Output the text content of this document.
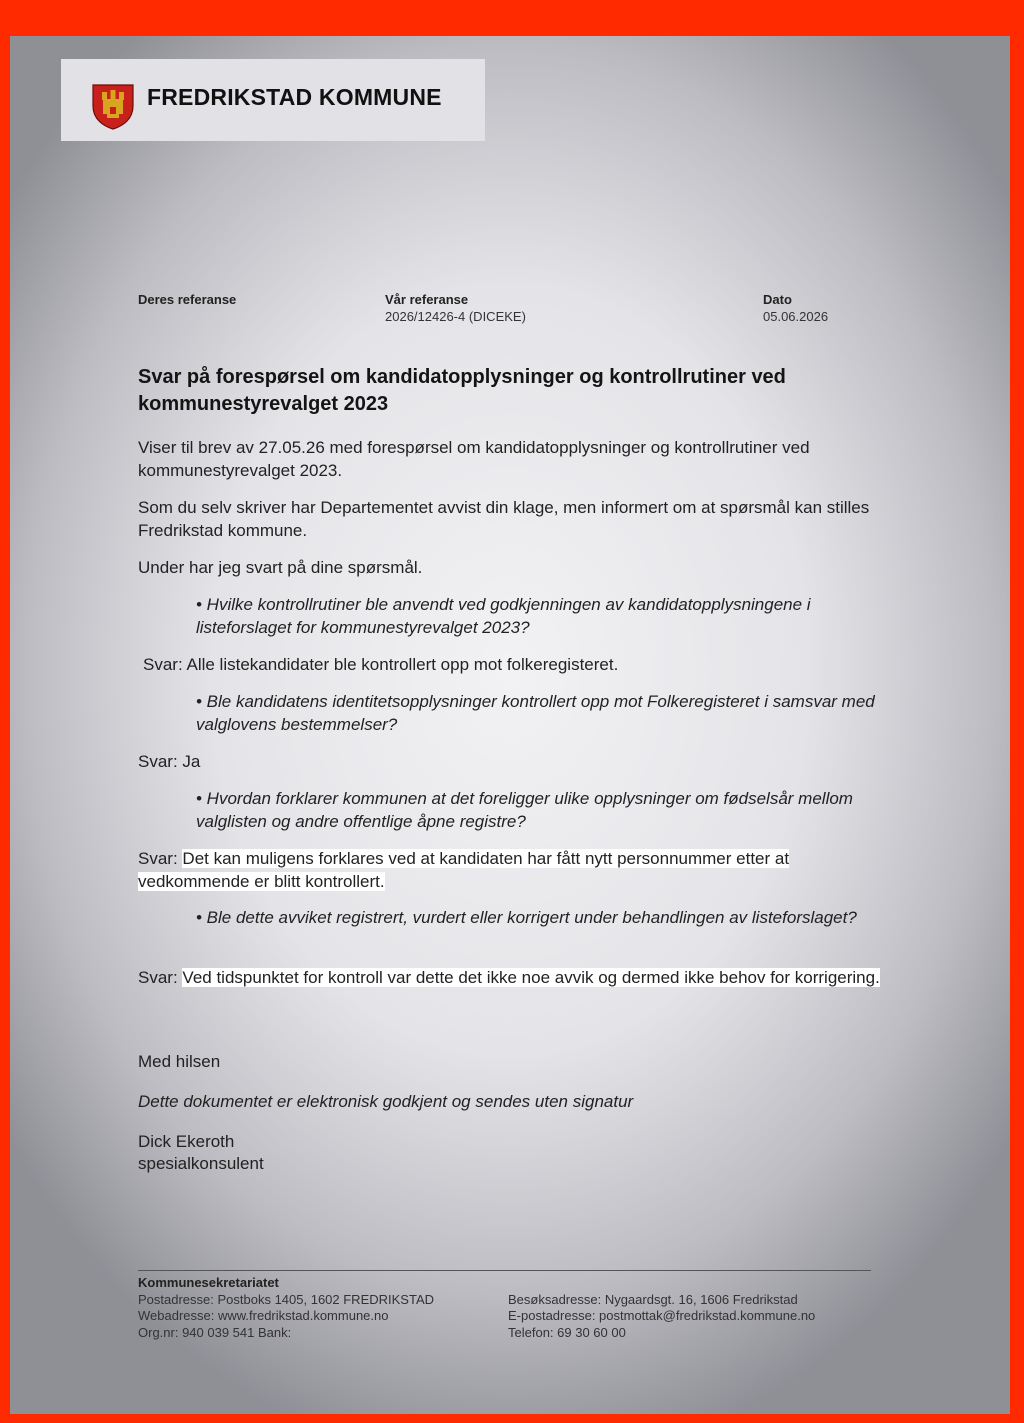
FREDRIKSTAD KOMMUNE
Deres referanse	Vår referanse
2026/12426-4 (DICEKE)
Dato
05.06.2026
Svar på forespørsel om kandidatopplysninger og kontrollrutiner ved kommunestyrevalget 2023
Viser til brev av 27.05.26 med forespørsel om kandidatopplysninger og kontrollrutiner ved kommunestyrevalget 2023.
Som du selv skriver har Departementet avvist din klage, men informert om at spørsmål kan stilles Fredrikstad kommune.
Under har jeg svart på dine spørsmål.
• Hvilke kontrollrutiner ble anvendt ved godkjenningen av kandidatopplysningene i listeforslaget for kommunestyrevalget 2023?
Svar: Alle listekandidater ble kontrollert opp mot folkeregisteret.
• Ble kandidatens identitetsopplysninger kontrollert opp mot Folkeregisteret i samsvar med valglovens bestemmelser?
Svar: Ja
• Hvordan forklarer kommunen at det foreligger ulike opplysninger om fødselsår mellom valglisten og andre offentlige åpne registre?
Svar: Det kan muligens forklares ved at kandidaten har fått nytt personnummer etter at vedkommende er blitt kontrollert.
• Ble dette avviket registrert, vurdert eller korrigert under behandlingen av listeforslaget?
Svar: Ved tidspunktet for kontroll var dette det ikke noe avvik og dermed ikke behov for korrigering.
Med hilsen
Dette dokumentet er elektronisk godkjent og sendes uten signatur
Dick Ekeroth
spesialkonsulent
Kommunesekretariatet
Postadresse: Postboks 1405, 1602 FREDRIKSTAD
Webadresse: www.fredrikstad.kommune.no
Org.nr: 940 039 541 Bank:
Besøksadresse: Nygaardsgt. 16, 1606 Fredrikstad
E-postadresse: postmottak@fredrikstad.kommune.no
Telefon: 69 30 60 00
